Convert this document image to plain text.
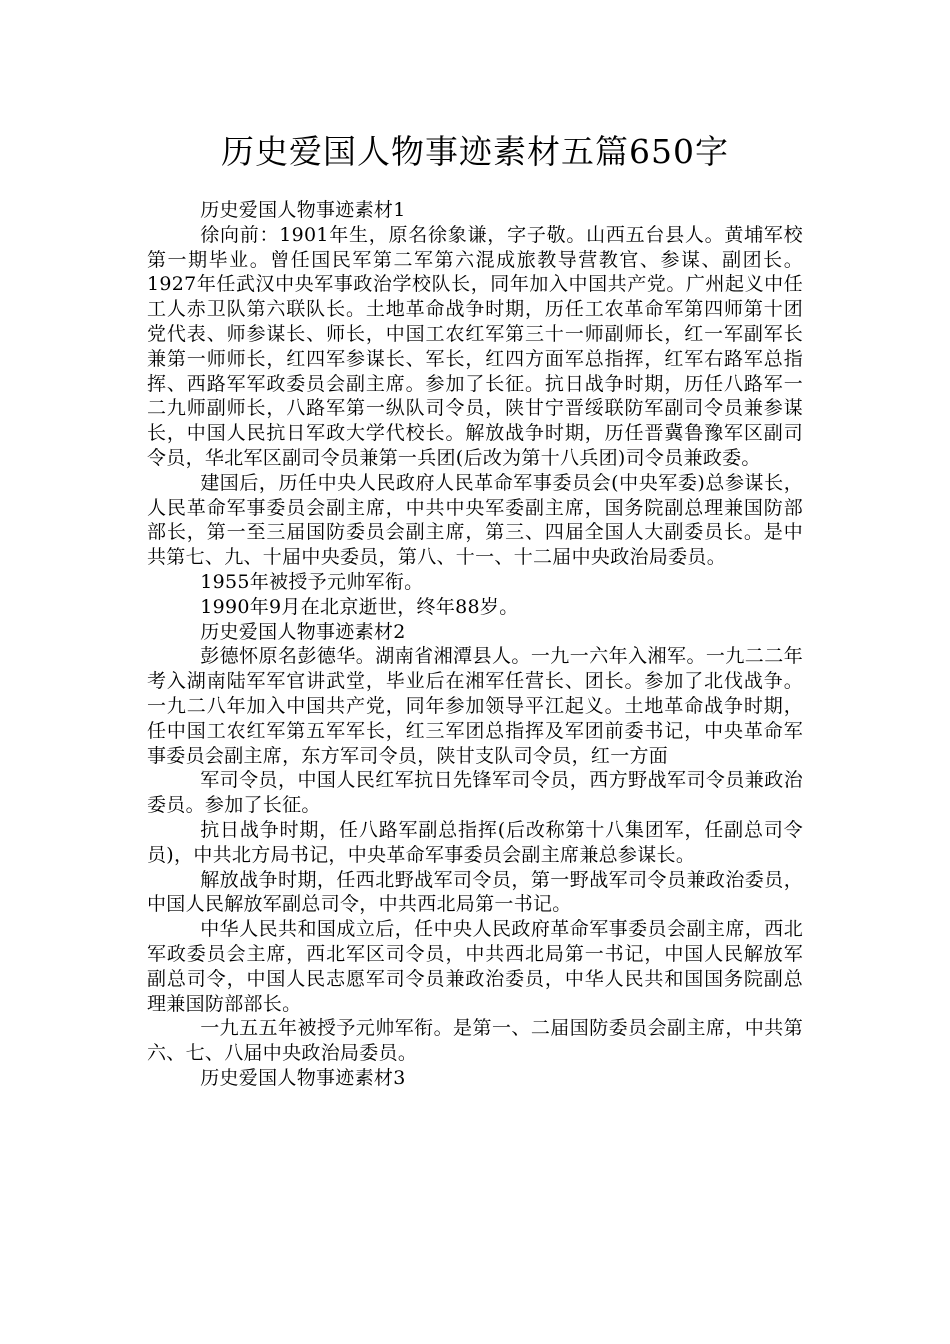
历史爱国人物事迹素材五篇650字

历史爱国人物事迹素材1

徐向前：1901年生，原名徐象谦，字子敬。山西五台县人。黄埔军校第一期毕业。曾任国民军第二军第六混成旅教导营教官、参谋、副团长。1927年任武汉中央军事政治学校队长，同年加入中国共产党。广州起义中任工人赤卫队第六联队长。土地革命战争时期，历任工农革命军第四师第十团党代表、师参谋长、师长，中国工农红军第三十一师副师长，红一军副军长兼第一师师长，红四军参谋长、军长，红四方面军总指挥，红军右路军总指挥、西路军军政委员会副主席。参加了长征。抗日战争时期，历任八路军一二九师副师长，八路军第一纵队司令员，陕甘宁晋绥联防军副司令员兼参谋长，中国人民抗日军政大学代校长。解放战争时期，历任晋冀鲁豫军区副司令员，华北军区副司令员兼第一兵团(后改为第十八兵团)司令员兼政委。

建国后，历任中央人民政府人民革命军事委员会(中央军委)总参谋长，人民革命军事委员会副主席，中共中央军委副主席，国务院副总理兼国防部部长，第一至三届国防委员会副主席，第三、四届全国人大副委员长。是中共第七、九、十届中央委员，第八、十一、十二届中央政治局委员。

1955年被授予元帅军衔。

1990年9月在北京逝世，终年88岁。

历史爱国人物事迹素材2

彭德怀原名彭德华。湖南省湘潭县人。一九一六年入湘军。一九二二年考入湖南陆军军官讲武堂，毕业后在湘军任营长、团长。参加了北伐战争。一九二八年加入中国共产党，同年参加领导平江起义。土地革命战争时期，任中国工农红军第五军军长，红三军团总指挥及军团前委书记，中央革命军事委员会副主席，东方军司令员，陕甘支队司令员，红一方面

军司令员，中国人民红军抗日先锋军司令员，西方野战军司令员兼政治委员。参加了长征。

抗日战争时期，任八路军副总指挥(后改称第十八集团军，任副总司令员)，中共北方局书记，中央革命军事委员会副主席兼总参谋长。

解放战争时期，任西北野战军司令员，第一野战军司令员兼政治委员，中国人民解放军副总司令，中共西北局第一书记。

中华人民共和国成立后，任中央人民政府革命军事委员会副主席，西北军政委员会主席，西北军区司令员，中共西北局第一书记，中国人民解放军副总司令，中国人民志愿军司令员兼政治委员，中华人民共和国国务院副总理兼国防部部长。

一九五五年被授予元帅军衔。是第一、二届国防委员会副主席，中共第六、七、八届中央政治局委员。

历史爱国人物事迹素材3
